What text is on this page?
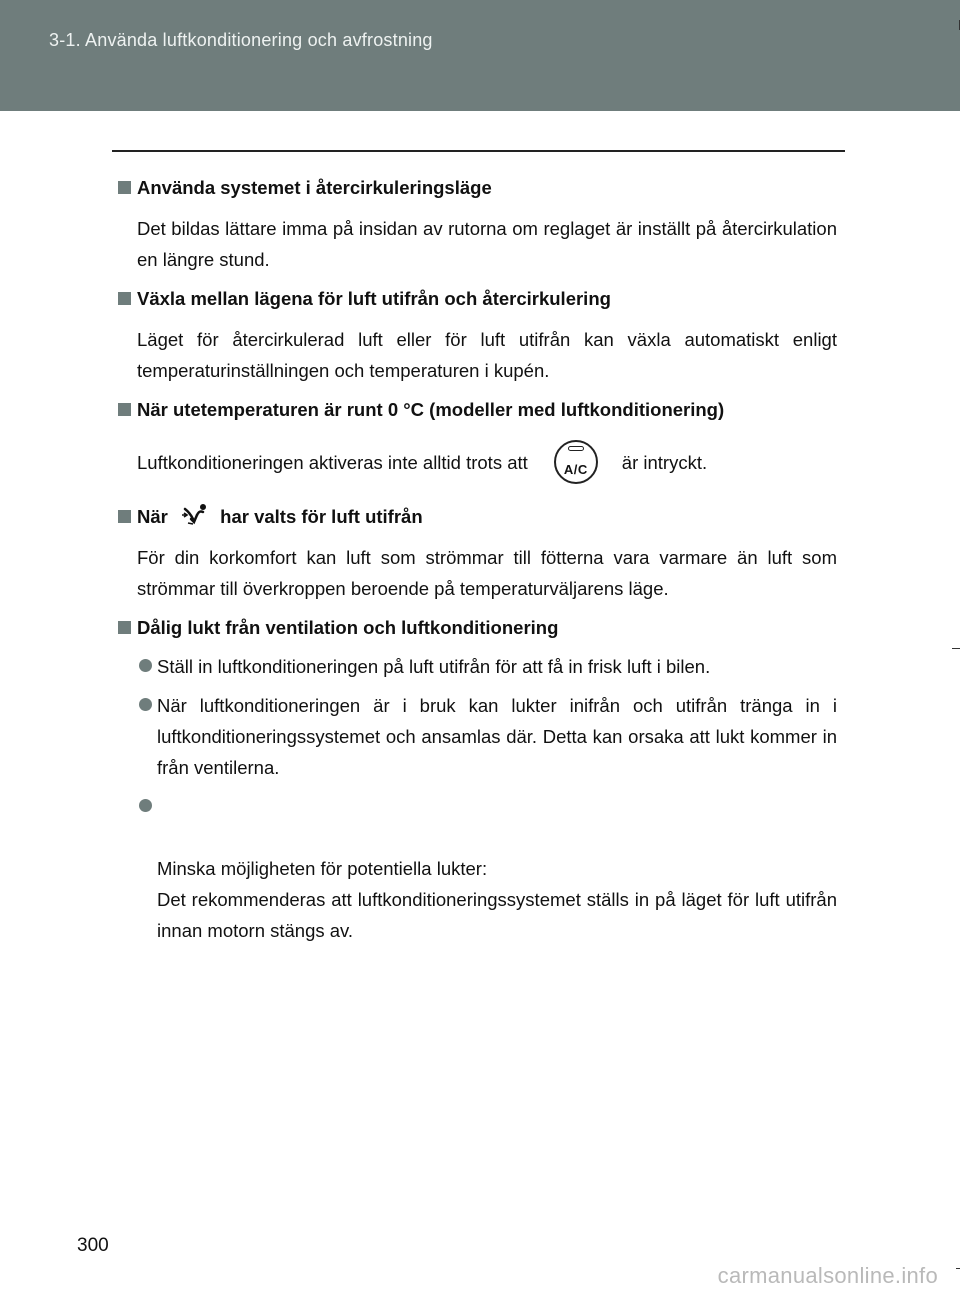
3-1. Använda luftkonditionering och avfrostning
Använda systemet i återcirkuleringsläge
Det bildas lättare imma på insidan av rutorna om reglaget är inställt på återcirkulation en längre stund.
Växla mellan lägena för luft utifrån och återcirkulering
Läget för återcirkulerad luft eller för luft utifrån kan växla automatiskt enligt temperaturinställningen och temperaturen i kupén.
När utetemperaturen är runt 0 °C (modeller med luftkonditionering)
Luftkonditioneringen aktiveras inte alltid trots att	A/C	är intryckt.
När	har valts för luft utifrån
För din korkomfort kan luft som strömmar till fötterna vara varmare än luft som strömmar till överkroppen beroende på temperaturväljarens läge.
Dålig lukt från ventilation och luftkonditionering
Ställ in luftkonditioneringen på luft utifrån för att få in frisk luft i bilen.
När luftkonditioneringen är i bruk kan lukter inifrån och utifrån tränga in i luftkonditioneringssystemet och ansamlas där. Detta kan orsaka att lukt kommer in från ventilerna.

Minska möjligheten för potentiella lukter:
Det rekommenderas att luftkonditioneringssystemet ställs in på läget för luft utifrån innan motorn stängs av.

300
carmanualsonline.info
